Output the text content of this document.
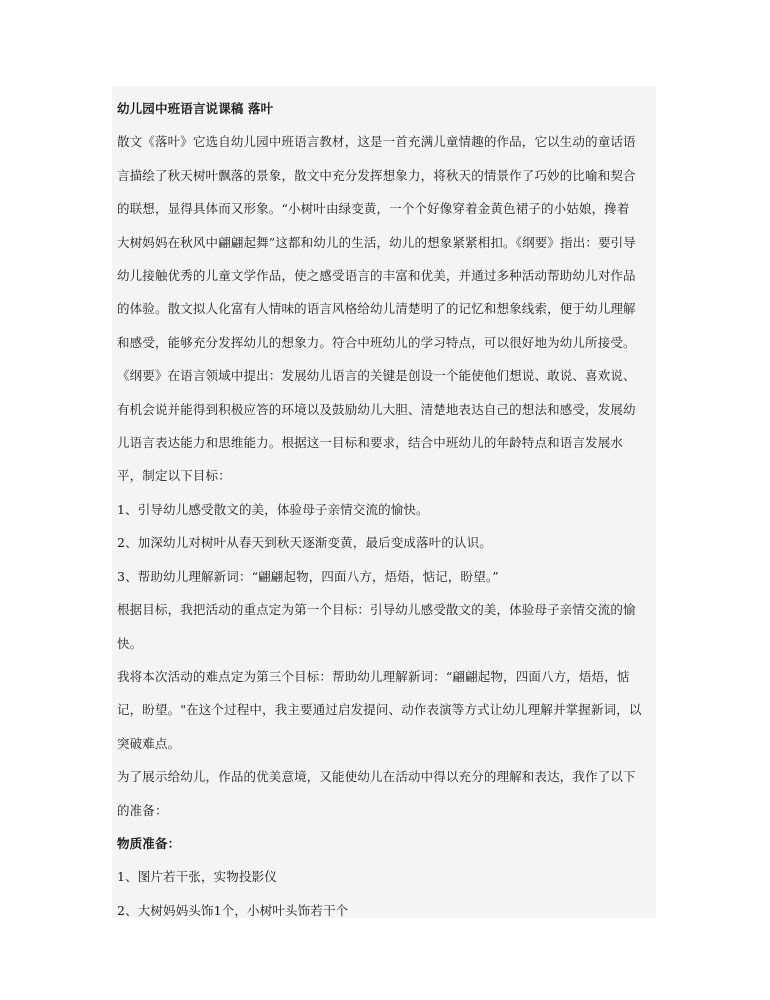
幼儿园中班语言说课稿 落叶

散文《落叶》它选自幼儿园中班语言教材，这是一首充满儿童情趣的作品，它以生动的童话语

言描绘了秋天树叶飘落的景象，散文中充分发挥想象力，将秋天的情景作了巧妙的比喻和契合

的联想，显得具体而又形象。“小树叶由绿变黄，一个个好像穿着金黄色裙子的小姑娘，搀着

大树妈妈在秋风中翩翩起舞”这都和幼儿的生活，幼儿的想象紧紧相扣。《纲要》指出：要引导

幼儿接触优秀的儿童文学作品，使之感受语言的丰富和优美，并通过多种活动帮助幼儿对作品

的体验。散文拟人化富有人情味的语言风格给幼儿清楚明了的记忆和想象线索，便于幼儿理解

和感受，能够充分发挥幼儿的想象力。符合中班幼儿的学习特点，可以很好地为幼儿所接受。

《纲要》在语言领域中提出：发展幼儿语言的关键是创设一个能使他们想说、敢说、喜欢说、

有机会说并能得到积极应答的环境以及鼓励幼儿大胆、清楚地表达自己的想法和感受，发展幼

儿语言表达能力和思维能力。根据这一目标和要求，结合中班幼儿的年龄特点和语言发展水

平，制定以下目标：

1、引导幼儿感受散文的美，体验母子亲情交流的愉快。

2、加深幼儿对树叶从春天到秋天逐渐变黄，最后变成落叶的认识。

3、帮助幼儿理解新词：“翩翩起物，四面八方，焐焐，惦记，盼望。”

根据目标，我把活动的重点定为第一个目标：引导幼儿感受散文的美，体验母子亲情交流的愉

快。

我将本次活动的难点定为第三个目标：帮助幼儿理解新词：“翩翩起物，四面八方，焐焐，惦

记，盼望。"在这个过程中，我主要通过启发提问、动作表演等方式让幼儿理解并掌握新词，以

突破难点。

为了展示给幼儿，作品的优美意境，又能使幼儿在活动中得以充分的理解和表达，我作了以下

的准备：

物质准备：

1、图片若干张，实物投影仪

2、大树妈妈头饰1个，小树叶头饰若干个
